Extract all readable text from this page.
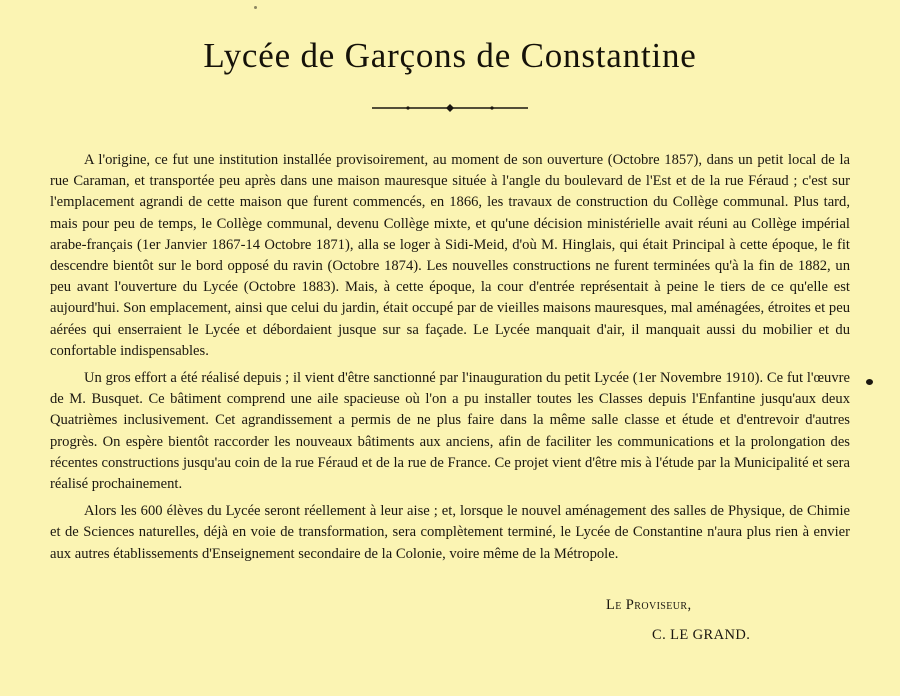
Lycée de Garçons de Constantine

A l'origine, ce fut une institution installée provisoirement, au moment de son ouverture (Octobre 1857), dans un petit local de la rue Caraman, et transportée peu après dans une maison mauresque située à l'angle du boulevard de l'Est et de la rue Féraud ; c'est sur l'emplacement agrandi de cette maison que furent commencés, en 1866, les travaux de construction du Collège communal. Plus tard, mais pour peu de temps, le Collège communal, devenu Collège mixte, et qu'une décision ministérielle avait réuni au Collège impérial arabe-français (1er Janvier 1867-14 Octobre 1871), alla se loger à Sidi-Meid, d'où M. Hinglais, qui était Principal à cette époque, le fit descendre bientôt sur le bord opposé du ravin (Octobre 1874). Les nouvelles constructions ne furent terminées qu'à la fin de 1882, un peu avant l'ouverture du Lycée (Octobre 1883). Mais, à cette époque, la cour d'entrée représentait à peine le tiers de ce qu'elle est aujourd'hui. Son emplacement, ainsi que celui du jardin, était occupé par de vieilles maisons mauresques, mal aménagées, étroites et peu aérées qui enserraient le Lycée et débordaient jusque sur sa façade. Le Lycée manquait d'air, il manquait aussi du mobilier et du confortable indispensables.

Un gros effort a été réalisé depuis ; il vient d'être sanctionné par l'inauguration du petit Lycée (1er Novembre 1910). Ce fut l'œuvre de M. Busquet. Ce bâtiment comprend une aile spacieuse où l'on a pu installer toutes les Classes depuis l'Enfantine jusqu'aux deux Quatrièmes inclusivement. Cet agrandissement a permis de ne plus faire dans la même salle classe et étude et d'entrevoir d'autres progrès. On espère bientôt raccorder les nouveaux bâtiments aux anciens, afin de faciliter les communications et la prolongation des récentes constructions jusqu'au coin de la rue Féraud et de la rue de France. Ce projet vient d'être mis à l'étude par la Municipalité et sera réalisé prochainement.

Alors les 600 élèves du Lycée seront réellement à leur aise ; et, lorsque le nouvel aménagement des salles de Physique, de Chimie et de Sciences naturelles, déjà en voie de transformation, sera complètement terminé, le Lycée de Constantine n'aura plus rien à envier aux autres établissements d'Enseignement secondaire de la Colonie, voire même de la Métropole.

Le Proviseur,
C. LE GRAND.
